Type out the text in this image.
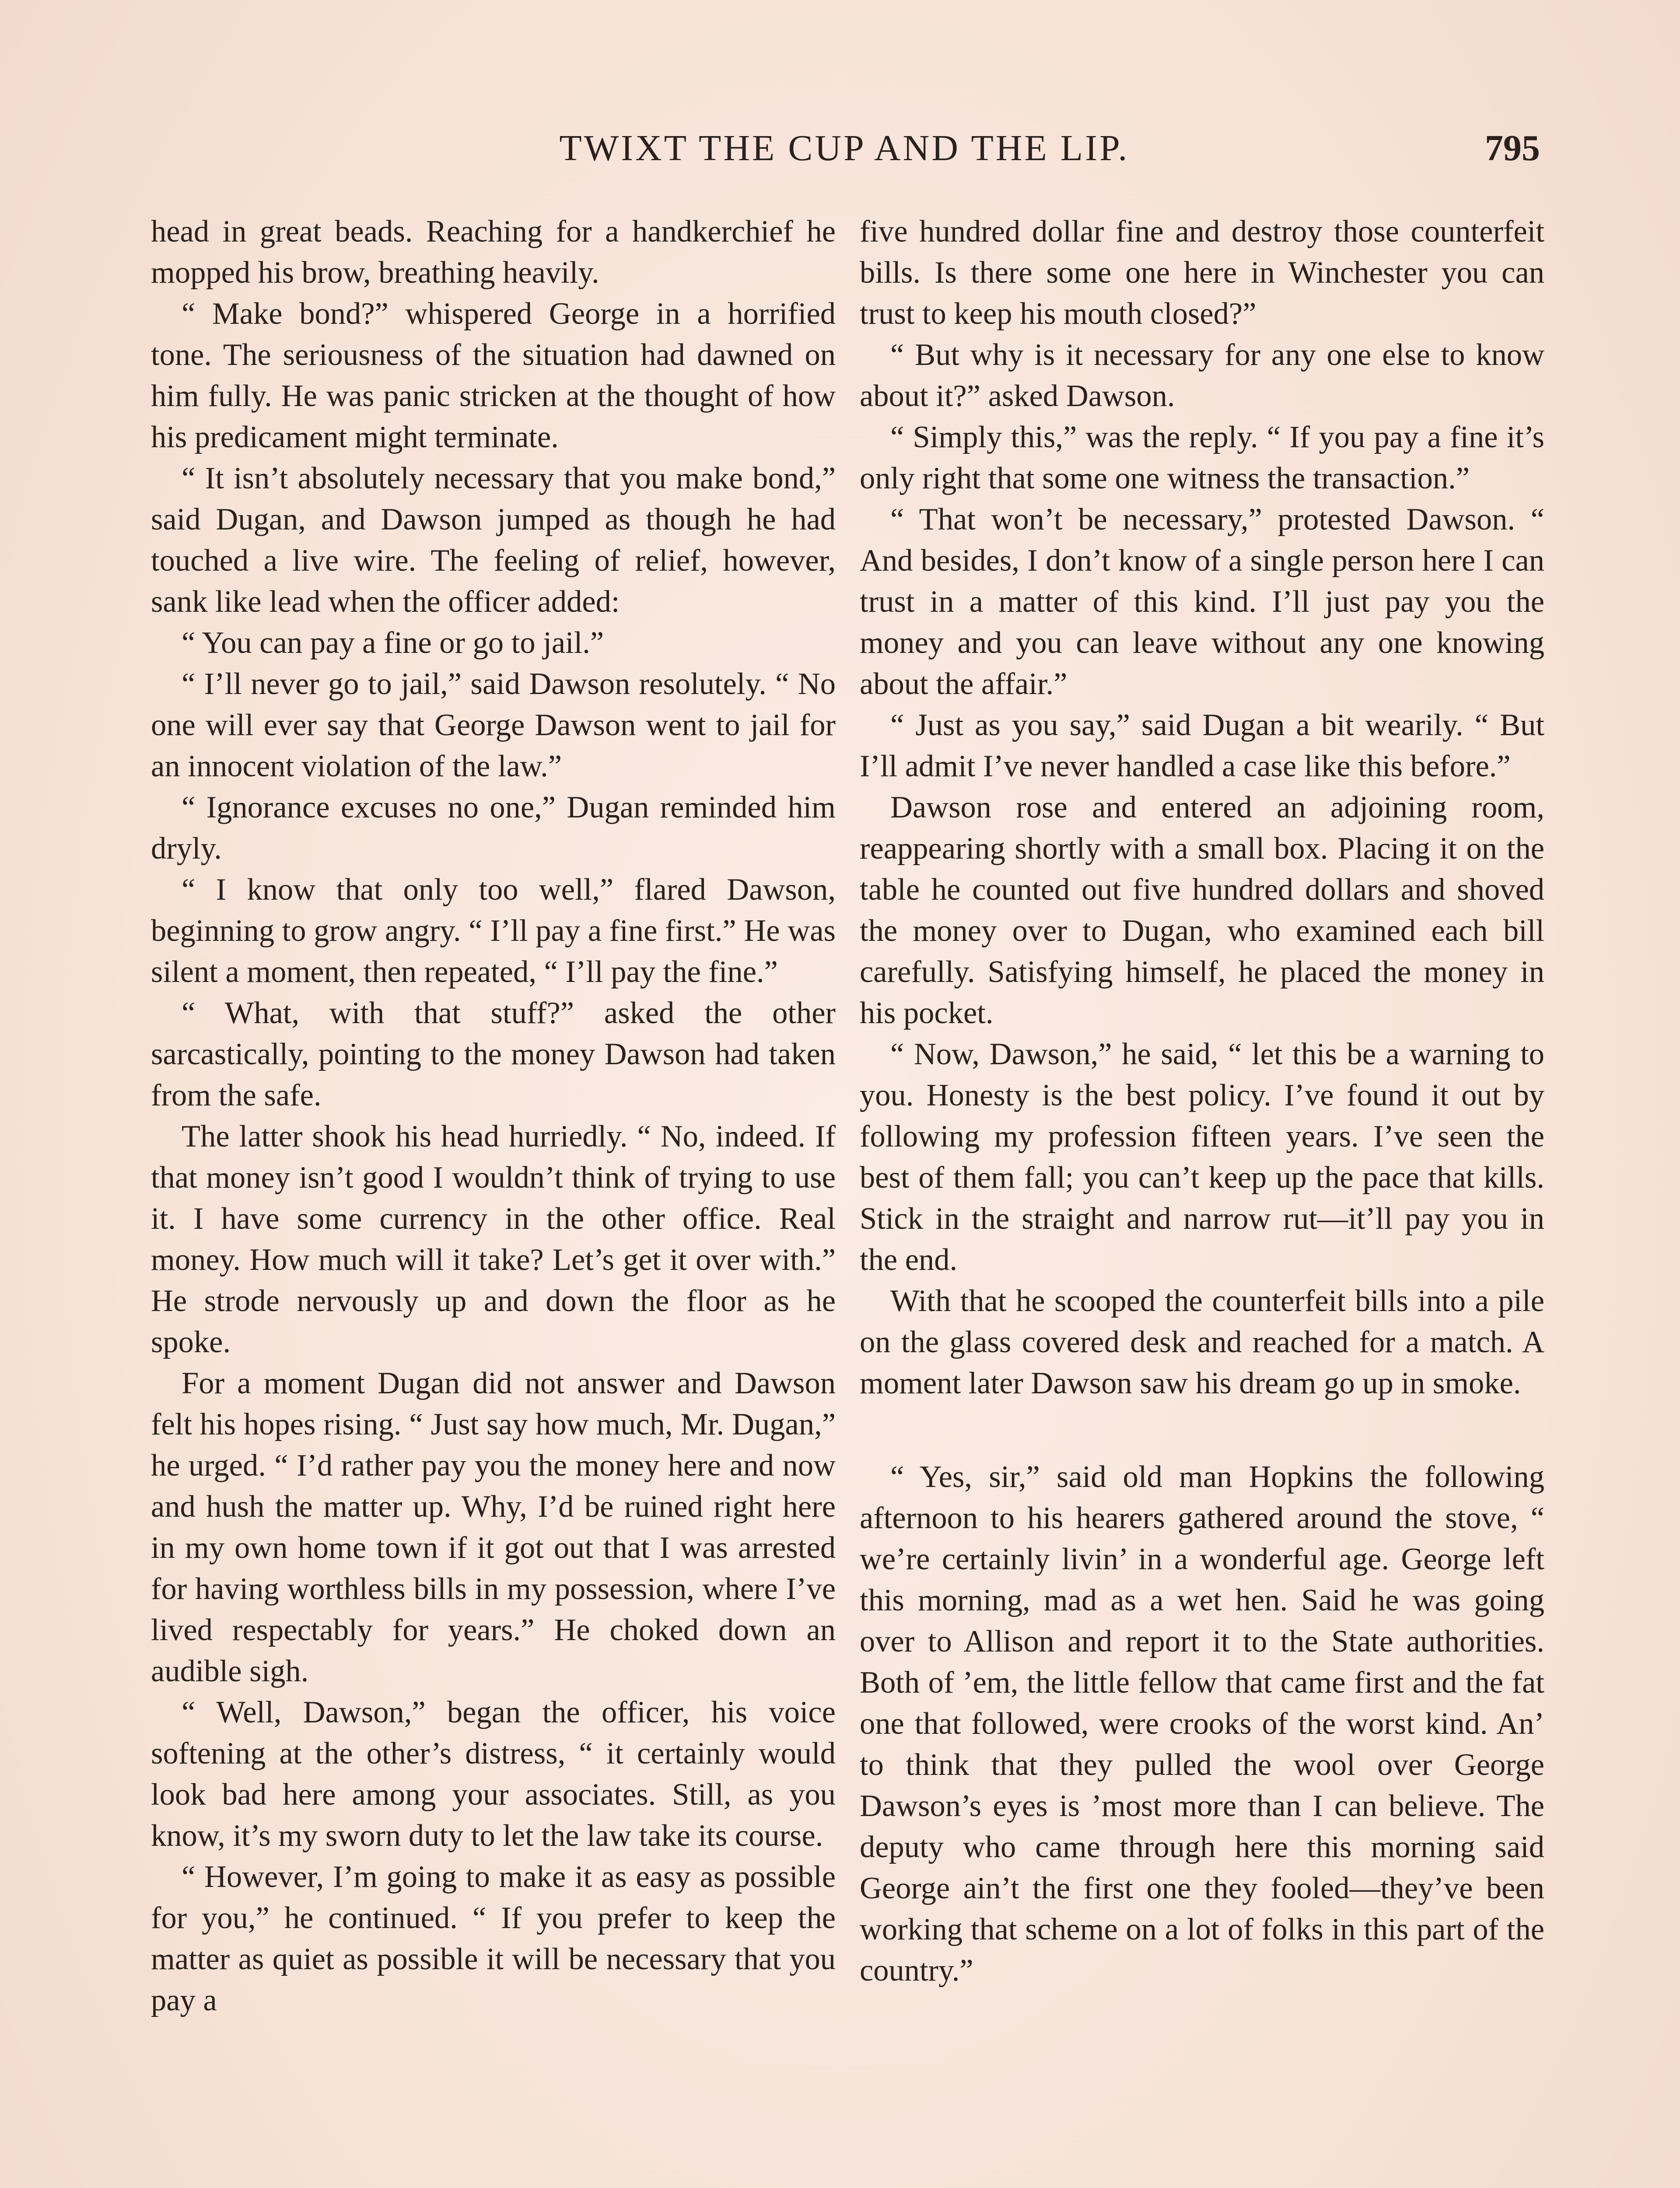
TWIXT THE CUP AND THE LIP.	795

head in great beads. Reaching for a handkerchief he mopped his brow, breathing heavily.

“ Make bond?” whispered George in a horrified tone. The seriousness of the situation had dawned on him fully. He was panic stricken at the thought of how his predicament might terminate.

“ It isn’t absolutely necessary that you make bond,” said Dugan, and Dawson jumped as though he had touched a live wire. The feeling of relief, however, sank like lead when the officer added:

“ You can pay a fine or go to jail.”

“ I’ll never go to jail,” said Dawson resolutely. “ No one will ever say that George Dawson went to jail for an innocent violation of the law.”

“ Ignorance excuses no one,” Dugan reminded him dryly.

“ I know that only too well,” flared Dawson, beginning to grow angry. “ I’ll pay a fine first.” He was silent a moment, then repeated, “ I’ll pay the fine.”

“ What, with that stuff?” asked the other sarcastically, pointing to the money Dawson had taken from the safe.

The latter shook his head hurriedly. “ No, indeed. If that money isn’t good I wouldn’t think of trying to use it. I have some currency in the other office. Real money. How much will it take? Let’s get it over with.” He strode nervously up and down the floor as he spoke.

For a moment Dugan did not answer and Dawson felt his hopes rising. “ Just say how much, Mr. Dugan,” he urged. “ I’d rather pay you the money here and now and hush the matter up. Why, I’d be ruined right here in my own home town if it got out that I was arrested for having worthless bills in my possession, where I’ve lived respectably for years.” He choked down an audible sigh.

“ Well, Dawson,” began the officer, his voice softening at the other’s distress, “ it certainly would look bad here among your associates. Still, as you know, it’s my sworn duty to let the law take its course.

“ However, I’m going to make it as easy as possible for you,” he continued. “ If you prefer to keep the matter as quiet as possible it will be necessary that you pay a

five hundred dollar fine and destroy those counterfeit bills. Is there some one here in Winchester you can trust to keep his mouth closed?”

“ But why is it necessary for any one else to know about it?” asked Dawson.

“ Simply this,” was the reply. “ If you pay a fine it’s only right that some one witness the transaction.”

“ That won’t be necessary,” protested Dawson. “ And besides, I don’t know of a single person here I can trust in a matter of this kind. I’ll just pay you the money and you can leave without any one knowing about the affair.”

“ Just as you say,” said Dugan a bit wearily. “ But I’ll admit I’ve never handled a case like this before.”

Dawson rose and entered an adjoining room, reappearing shortly with a small box. Placing it on the table he counted out five hundred dollars and shoved the money over to Dugan, who examined each bill carefully. Satisfying himself, he placed the money in his pocket.

“ Now, Dawson,” he said, “ let this be a warning to you. Honesty is the best policy. I’ve found it out by following my profession fifteen years. I’ve seen the best of them fall; you can’t keep up the pace that kills. Stick in the straight and narrow rut—it’ll pay you in the end.

With that he scooped the counterfeit bills into a pile on the glass covered desk and reached for a match. A moment later Dawson saw his dream go up in smoke.

“ Yes, sir,” said old man Hopkins the following afternoon to his hearers gathered around the stove, “ we’re certainly livin’ in a wonderful age. George left this morning, mad as a wet hen. Said he was going over to Allison and report it to the State authorities. Both of ’em, the little fellow that came first and the fat one that followed, were crooks of the worst kind. An’ to think that they pulled the wool over George Dawson’s eyes is ’most more than I can believe. The deputy who came through here this morning said George ain’t the first one they fooled—they’ve been working that scheme on a lot of folks in this part of the country.”
